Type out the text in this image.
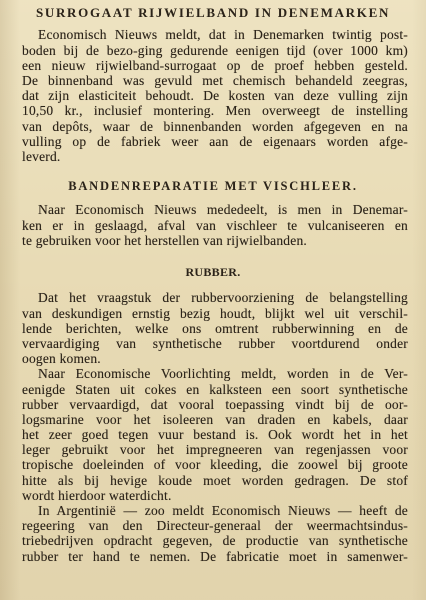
SURROGAAT RIJWIELBAND IN DENEMARKEN
Economisch Nieuws meldt, dat in Denemarken twintig post-
boden bij de bezo-ging gedurende eenigen tijd (over 1000 km)
een nieuw rijwielband-surrogaat op de proef hebben gesteld.
De binnenband was gevuld met chemisch behandeld zeegras,
dat zijn elasticiteit behoudt. De kosten van deze vulling zijn
10,50 kr., inclusief montering. Men overweegt de instelling
van depôts, waar de binnenbanden worden afgegeven en na
vulling op de fabriek weer aan de eigenaars worden afge-
leverd.
BANDENREPARATIE MET VISCHLEER.
Naar Economisch Nieuws mededeelt, is men in Denemar-
ken er in geslaagd, afval van vischleer te vulcaniseeren en
te gebruiken voor het herstellen van rijwielbanden.
RUBBER.
Dat het vraagstuk der rubbervoorziening de belangstelling
van deskundigen ernstig bezig houdt, blijkt wel uit verschil-
lende berichten, welke ons omtrent rubberwinning en de
vervaardiging van synthetische rubber voortdurend onder
oogen komen.
Naar Economische Voorlichting meldt, worden in de Ver-
eenigde Staten uit cokes en kalksteen een soort synthetische
rubber vervaardigd, dat vooral toepassing vindt bij de oor-
logsmarine voor het isoleeren van draden en kabels, daar
het zeer goed tegen vuur bestand is. Ook wordt het in het
leger gebruikt voor het impregneeren van regenjassen voor
tropische doeleinden of voor kleeding, die zoowel bij groote
hitte als bij hevige koude moet worden gedragen. De stof
wordt hierdoor waterdicht.
In Argentinië — zoo meldt Economisch Nieuws — heeft de
regeering van den Directeur-generaal der weermachtsindus-
triebedrijven opdracht gegeven, de productie van synthetische
rubber ter hand te nemen. De fabricatie moet in samenwer-
